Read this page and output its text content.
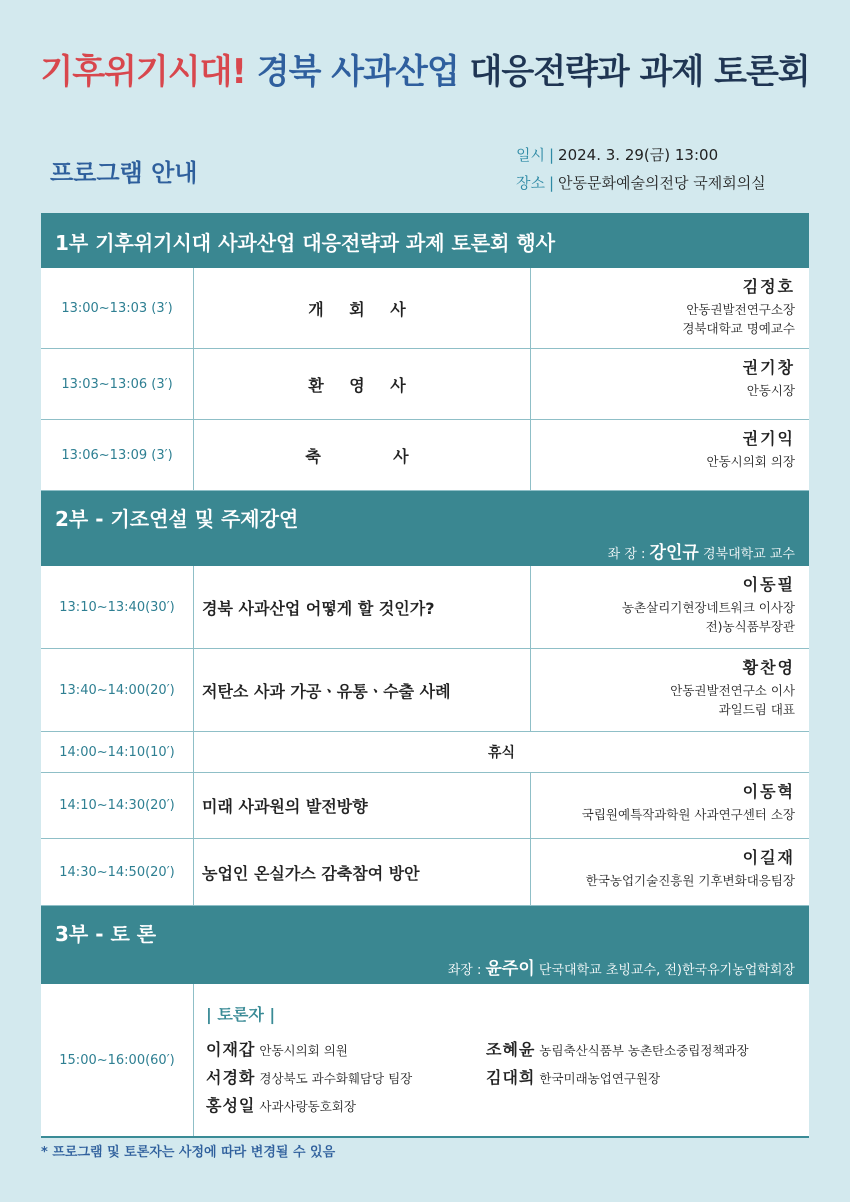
기후위기시대! 경북 사과산업 대응전략과 과제 토론회
프로그램 안내
일시 | 2024. 3. 29(금) 13:00
장소 | 안동문화예술의전당 국제회의실
1부 기후위기시대 사과산업 대응전략과 과제 토론회 행사
13:00~13:03 (3′)	개 회 사
김정호
안동권발전연구소장
경북대학교 명예교수
13:03~13:06 (3′)	환 영 사
권기창
안동시장
13:06~13:09 (3′)	축    사
권기익
안동시의회 의장
2부 - 기조연설 및 주제강연
좌 장 : 강인규 경북대학교 교수
13:10~13:40(30′)	경북 사과산업 어떻게 할 것인가?
이동필
농촌살리기현장네트워크 이사장
전)농식품부장관
13:40~14:00(20′)	저탄소 사과 가공ㆍ유통ㆍ수출 사례
황찬영
안동권발전연구소 이사
과일드림 대표
14:00~14:10(10′)	휴식
14:10~14:30(20′)	미래 사과원의 발전방향
이동혁
국립원예특작과학원 사과연구센터 소장
14:30~14:50(20′)	농업인 온실가스 감축참여 방안
이길재
한국농업기술진흥원 기후변화대응팀장
3부 - 토 론
좌장 : 윤주이 단국대학교 초빙교수, 전)한국유기농업학회장
15:00~16:00(60′)
| 토론자 |
이재갑 안동시의회 의원	조혜윤 농림축산식품부 농촌탄소중립정책과장
서경화 경상북도 과수화훼담당 팀장	김대희 한국미래농업연구원장
홍성일 사과사랑동호회장
* 프로그램 및 토론자는 사정에 따라 변경될 수 있음
